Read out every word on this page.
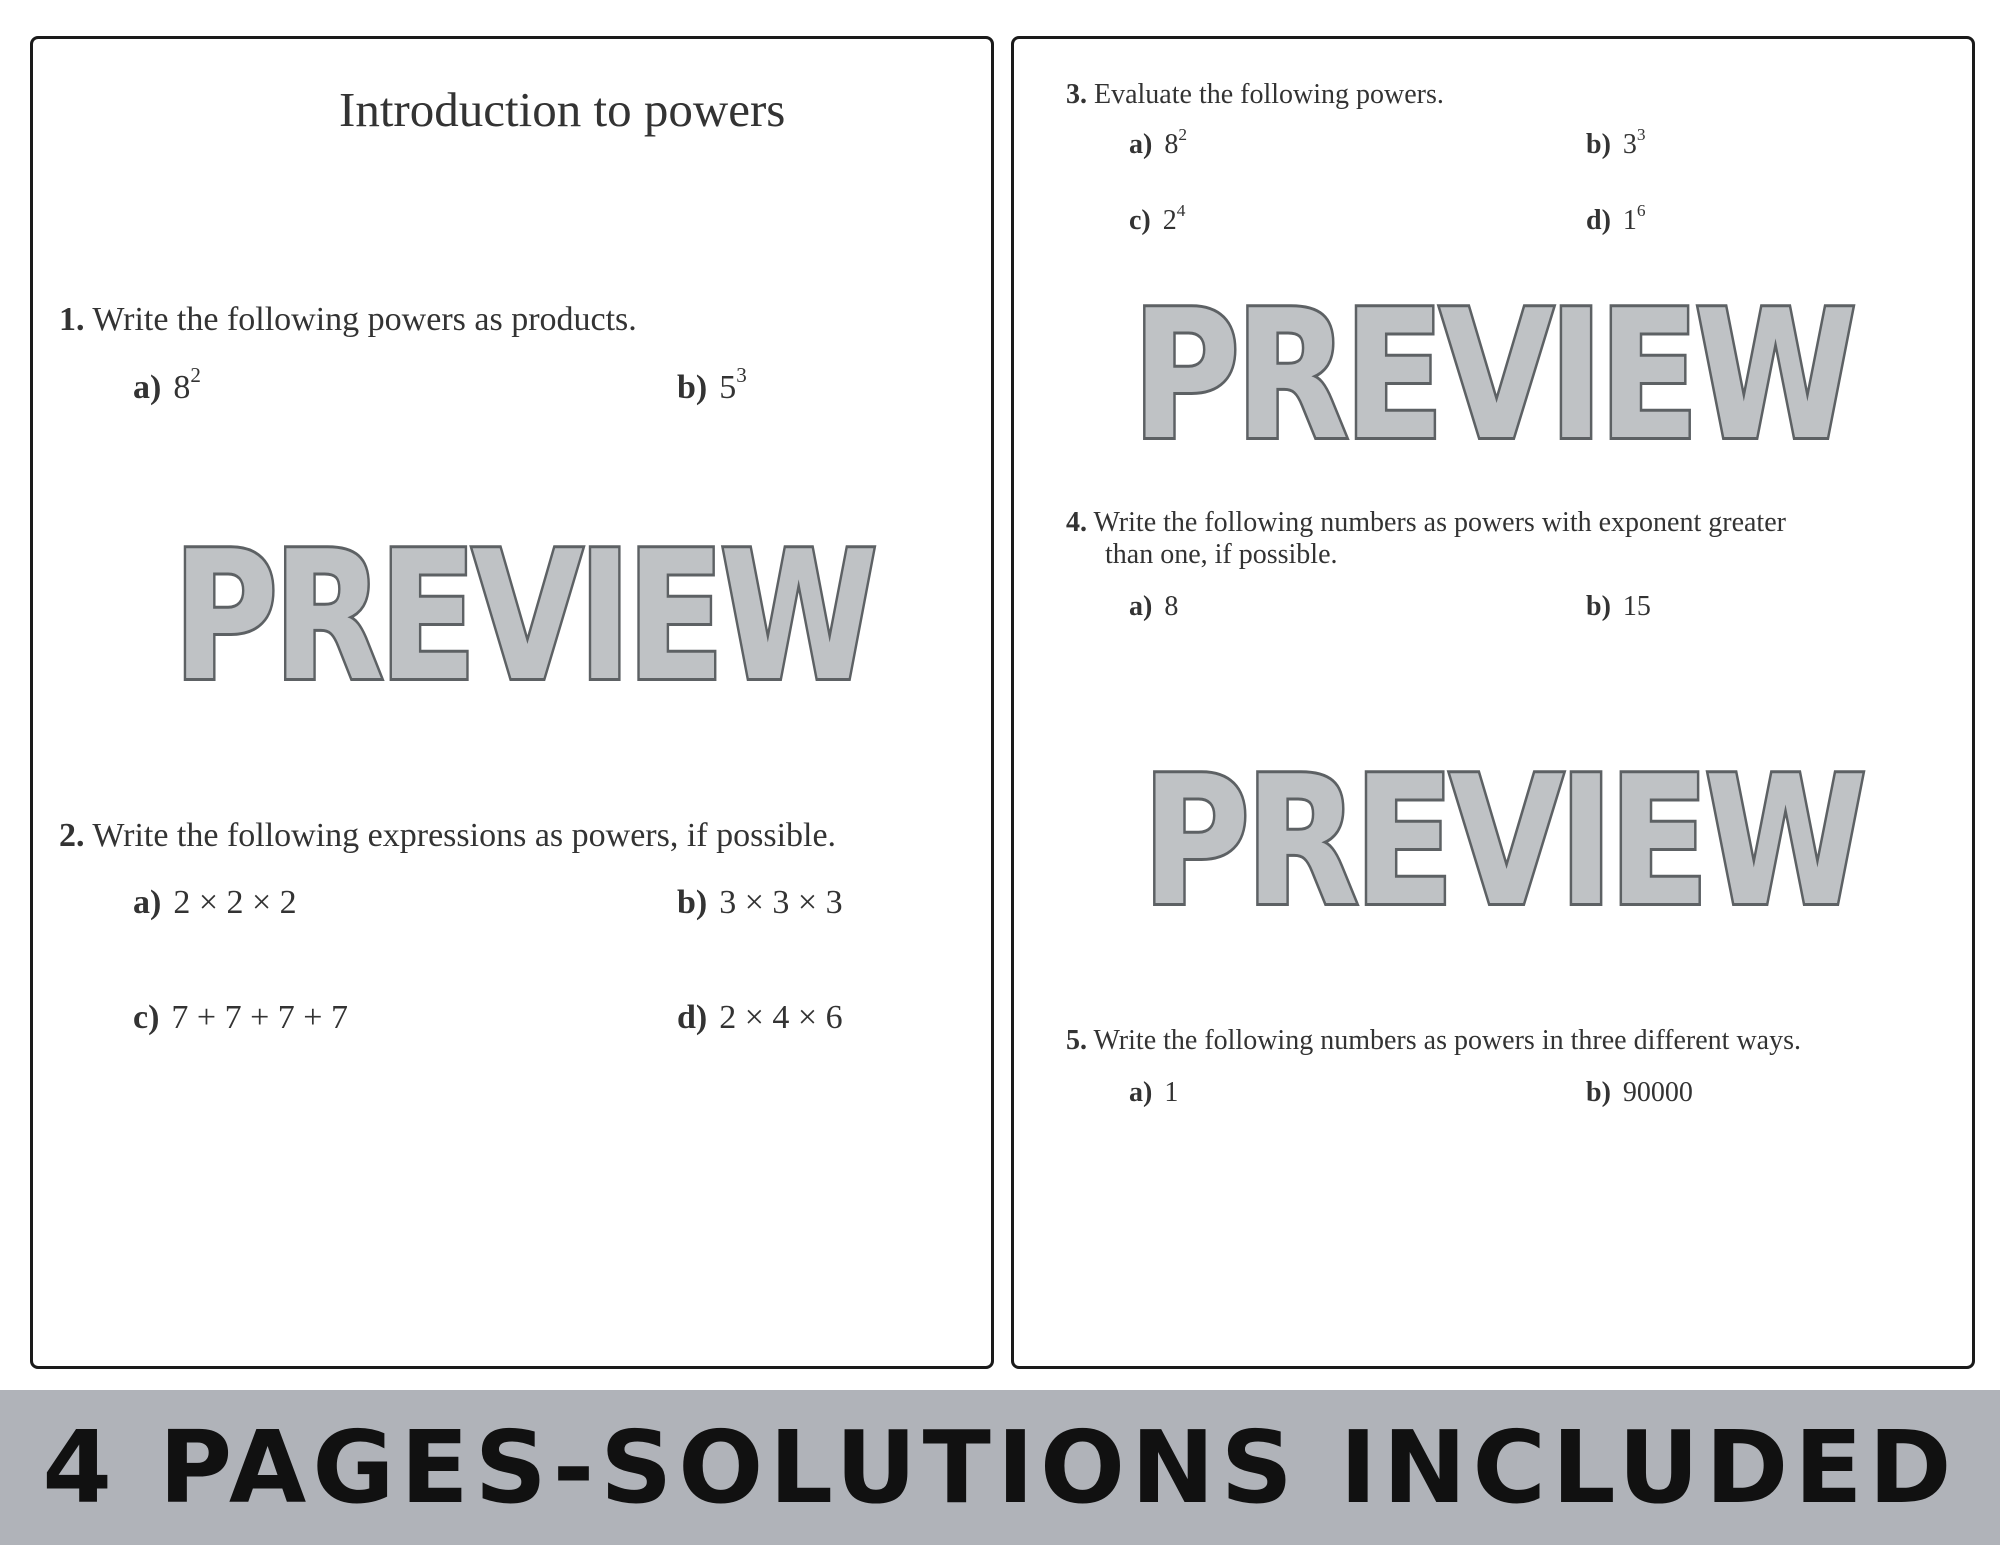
Introduction to powers
1. Write the following powers as products.
a) $8^2$	b) $5^3$
PREVIEW
2. Write the following expressions as powers, if possible.
a) 2 × 2 × 2	b) 3 × 3 × 3
c) 7 + 7 + 7 + 7	d) 2 × 4 × 6
3. Evaluate the following powers.
a) $8^2$	b) $3^3$
c) $2^4$	d) $1^6$
PREVIEW
4. Write the following numbers as powers with exponent greater
than one, if possible.
a) 8	b) 15
PREVIEW
5. Write the following numbers as powers in three different ways.
a) 1	b) 90000
4 PAGES-SOLUTIONS INCLUDED
